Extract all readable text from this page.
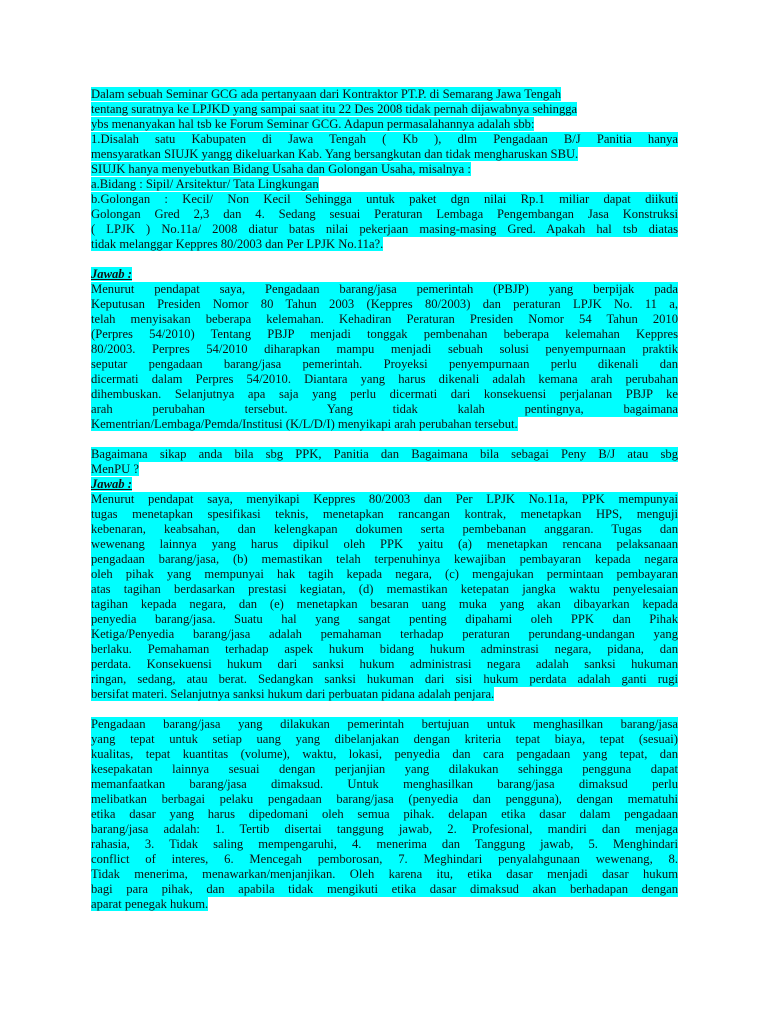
Dalam sebuah Seminar GCG ada pertanyaan dari Kontraktor PT.P. di Semarang Jawa Tengah
tentang suratnya ke LPJKD yang sampai saat itu 22 Des 2008 tidak pernah dijawabnya sehingga
ybs menanyakan hal tsb ke Forum Seminar GCG. Adapun permasalahannya adalah sbb:
1.Disalah satu Kabupaten di Jawa Tengah ( Kb ), dlm Pengadaan B/J Panitia hanya
mensyaratkan SIUJK yangg dikeluarkan Kab. Yang bersangkutan dan tidak mengharuskan SBU.
SIUJK hanya menyebutkan Bidang Usaha dan Golongan Usaha, misalnya :
a.Bidang : Sipil/ Arsitektur/ Tata Lingkungan
b.Golongan : Kecil/ Non Kecil Sehingga untuk paket dgn nilai Rp.1 miliar dapat diikuti
Golongan Gred 2,3 dan 4. Sedang sesuai Peraturan Lembaga Pengembangan Jasa Konstruksi
( LPJK ) No.11a/ 2008 diatur batas nilai pekerjaan masing-masing Gred. Apakah hal tsb diatas
tidak melanggar Keppres 80/2003 dan Per LPJK No.11a?.
Jawab :
Menurut pendapat saya, Pengadaan barang/jasa pemerintah (PBJP) yang berpijak pada
Keputusan Presiden Nomor 80 Tahun 2003 (Keppres 80/2003) dan peraturan LPJK No. 11 a,
telah menyisakan beberapa kelemahan. Kehadiran Peraturan Presiden Nomor 54 Tahun 2010
(Perpres 54/2010) Tentang PBJP menjadi tonggak pembenahan beberapa kelemahan Keppres
80/2003. Perpres 54/2010 diharapkan mampu menjadi sebuah solusi penyempurnaan praktik
seputar pengadaan barang/jasa pemerintah. Proyeksi penyempurnaan perlu dikenali dan
dicermati dalam Perpres 54/2010. Diantara yang harus dikenali adalah kemana arah perubahan
dihembuskan. Selanjutnya apa saja yang perlu dicermati dari konsekuensi perjalanan PBJP ke
arah perubahan tersebut. Yang tidak kalah pentingnya, bagaimana
Kementrian/Lembaga/Pemda/Institusi (K/L/D/I) menyikapi arah perubahan tersebut.
Bagaimana sikap anda bila sbg PPK, Panitia dan Bagaimana bila sebagai Peny B/J atau sbg
MenPU ?
Jawab :
Menurut pendapat saya, menyikapi Keppres 80/2003 dan Per LPJK No.11a, PPK mempunyai
tugas menetapkan spesifikasi teknis, menetapkan rancangan kontrak, menetapkan HPS, menguji
kebenaran, keabsahan, dan kelengkapan dokumen serta pembebanan anggaran. Tugas dan
wewenang lainnya yang harus dipikul oleh PPK yaitu (a) menetapkan rencana pelaksanaan
pengadaan barang/jasa, (b) memastikan telah terpenuhinya kewajiban pembayaran kepada negara
oleh pihak yang mempunyai hak tagih kepada negara, (c) mengajukan permintaan pembayaran
atas tagihan berdasarkan prestasi kegiatan, (d) memastikan ketepatan jangka waktu penyelesaian
tagihan kepada negara, dan (e) menetapkan besaran uang muka yang akan dibayarkan kepada
penyedia barang/jasa. Suatu hal yang sangat penting dipahami oleh PPK dan Pihak
Ketiga/Penyedia barang/jasa adalah pemahaman terhadap peraturan perundang-undangan yang
berlaku. Pemahaman terhadap aspek hukum bidang hukum adminstrasi negara, pidana, dan
perdata. Konsekuensi hukum dari sanksi hukum administrasi negara adalah sanksi hukuman
ringan, sedang, atau berat. Sedangkan sanksi hukuman dari sisi hukum perdata adalah ganti rugi
bersifat materi. Selanjutnya sanksi hukum dari perbuatan pidana adalah penjara.
Pengadaan barang/jasa yang dilakukan pemerintah bertujuan untuk menghasilkan barang/jasa
yang tepat untuk setiap uang yang dibelanjakan dengan kriteria tepat biaya, tepat (sesuai)
kualitas, tepat kuantitas (volume), waktu, lokasi, penyedia dan cara pengadaan yang tepat, dan
kesepakatan lainnya sesuai dengan perjanjian yang dilakukan sehingga pengguna dapat
memanfaatkan barang/jasa dimaksud. Untuk menghasilkan barang/jasa dimaksud perlu
melibatkan berbagai pelaku pengadaan barang/jasa (penyedia dan pengguna), dengan mematuhi
etika dasar yang harus dipedomani oleh semua pihak. delapan etika dasar dalam pengadaan
barang/jasa adalah: 1. Tertib disertai tanggung jawab, 2. Profesional, mandiri dan menjaga
rahasia, 3. Tidak saling mempengaruhi, 4. menerima dan Tanggung jawab, 5. Menghindari
conflict of interes, 6. Mencegah pemborosan, 7. Meghindari penyalahgunaan wewenang, 8.
Tidak menerima, menawarkan/menjanjikan. Oleh karena itu, etika dasar menjadi dasar hukum
bagi para pihak, dan apabila tidak mengikuti etika dasar dimaksud akan berhadapan dengan
aparat penegak hukum.
